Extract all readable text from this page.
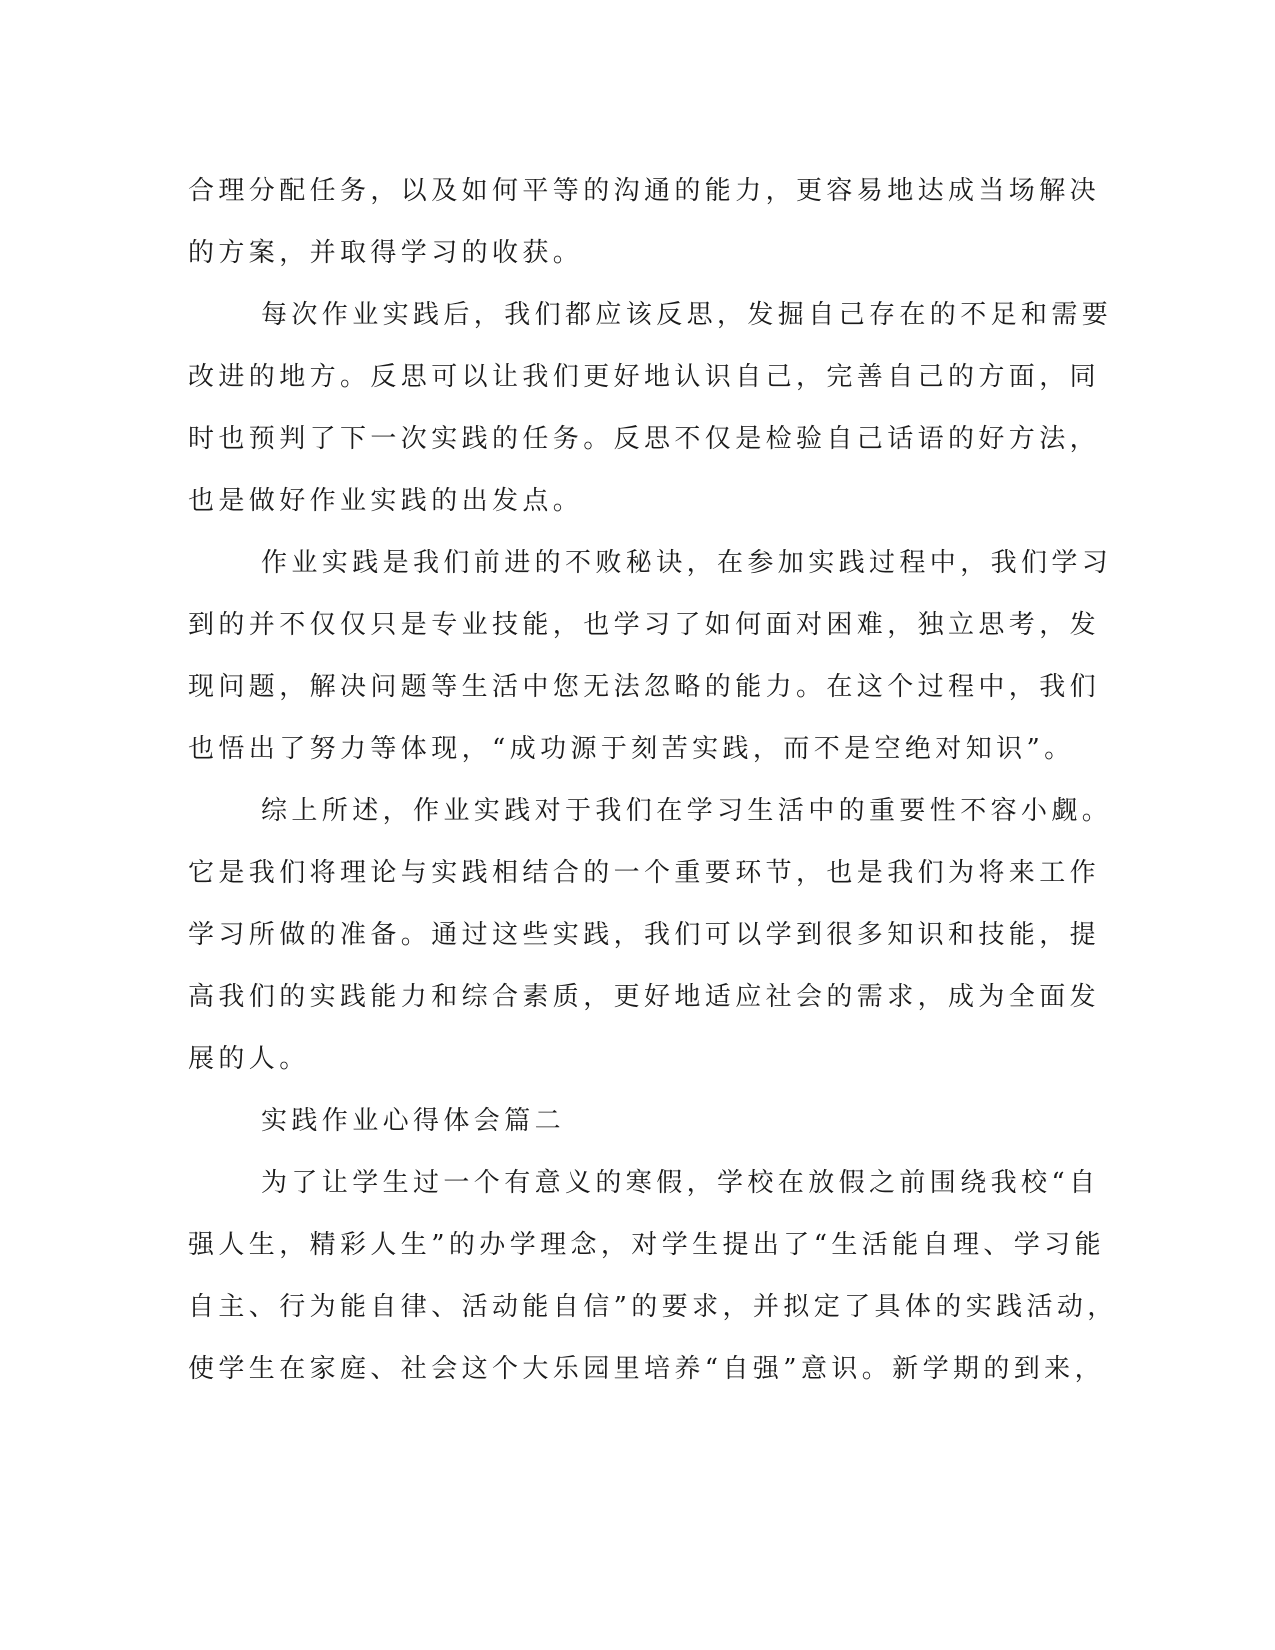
合理分配任务，以及如何平等的沟通的能力，更容易地达成当场解决
的方案，并取得学习的收获。
每次作业实践后，我们都应该反思，发掘自己存在的不足和需要
改进的地方。反思可以让我们更好地认识自己，完善自己的方面，同
时也预判了下一次实践的任务。反思不仅是检验自己话语的好方法，
也是做好作业实践的出发点。
作业实践是我们前进的不败秘诀，在参加实践过程中，我们学习
到的并不仅仅只是专业技能，也学习了如何面对困难，独立思考，发
现问题，解决问题等生活中您无法忽略的能力。在这个过程中，我们
也悟出了努力等体现，“成功源于刻苦实践，而不是空绝对知识”。
综上所述，作业实践对于我们在学习生活中的重要性不容小觑。
它是我们将理论与实践相结合的一个重要环节，也是我们为将来工作
学习所做的准备。通过这些实践，我们可以学到很多知识和技能，提
高我们的实践能力和综合素质，更好地适应社会的需求，成为全面发
展的人。
实践作业心得体会篇二
为了让学生过一个有意义的寒假，学校在放假之前围绕我校“自
强人生，精彩人生”的办学理念，对学生提出了“生活能自理、学习能
自主、行为能自律、活动能自信”的要求，并拟定了具体的实践活动，
使学生在家庭、社会这个大乐园里培养“自强”意识。新学期的到来，
